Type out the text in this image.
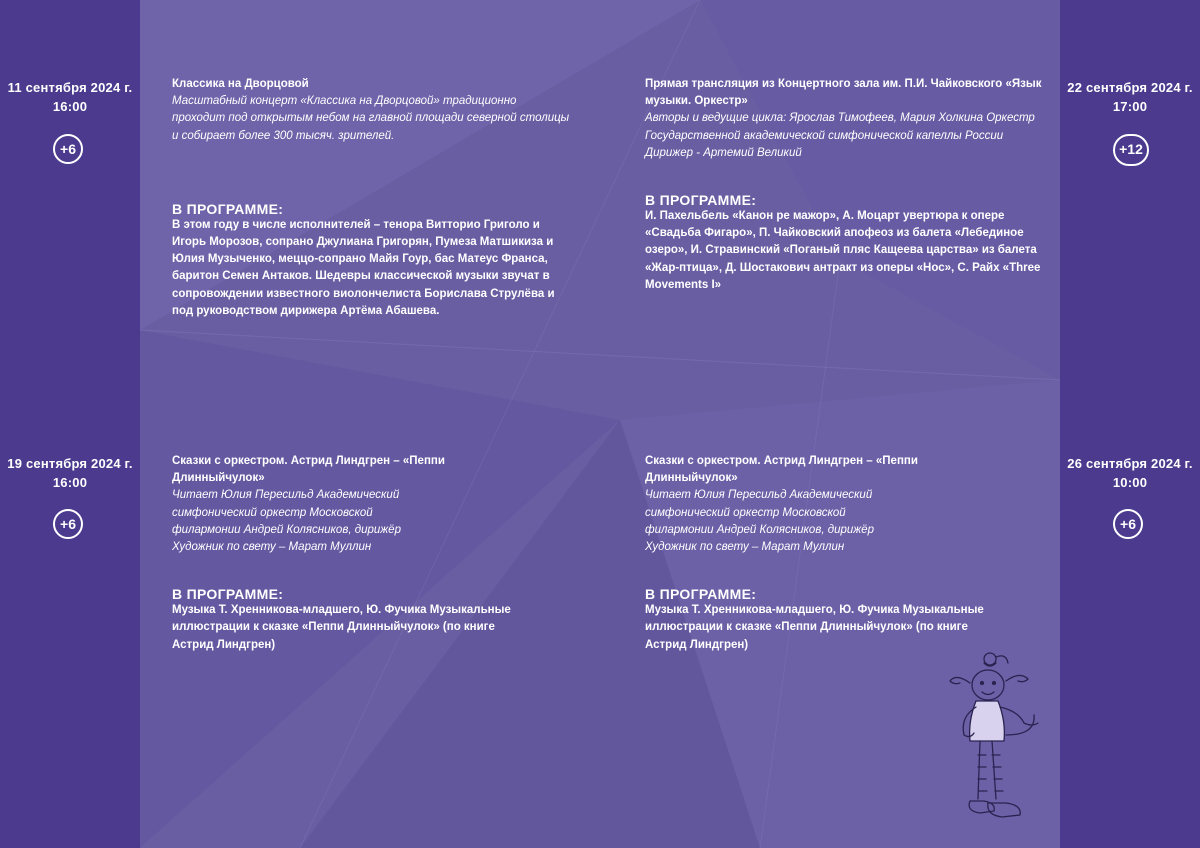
11 сентября 2024 г.
16:00
+6
Классика на Дворцовой
Масштабный концерт «Классика на Дворцовой» традиционно проходит под открытым небом на главной площади северной столицы и собирает более 300 тысяч. зрителей.
В ПРОГРАММЕ:
В этом году в числе исполнителей – тенора Витторио Григоло и Игорь Морозов, сопрано Джулиана Григорян, Пумеза Матшикиза и Юлия Музыченко, меццо-сопрано Майя Гоур, бас Матеус Франса, баритон Семен Антаков. Шедевры классической музыки звучат в сопровождении известного виолончелиста Борислава Струлёва и под руководством дирижера Артёма Абашева.
22 сентября 2024 г.
17:00
+12
Прямая трансляция из Концертного зала им. П.И. Чайковского «Язык музыки. Оркестр»
Авторы и ведущие цикла: Ярослав Тимофеев, Мария Холкина Оркестр Государственной академической симфонической капеллы России Дирижер - Артемий Великий
В ПРОГРАММЕ:
И. Пахельбель «Канон ре мажор», А. Моцарт увертюра к опере «Свадьба Фигаро», П. Чайковский апофеоз из балета «Лебединое озеро», И. Стравинский «Поганый пляс Кащеева царства» из балета «Жар-птица», Д. Шостакович антракт из оперы «Нос», С. Райх «Three Movements I»
19 сентября 2024 г.
16:00
+6
Сказки с оркестром. Астрид Линдгрен – «Пеппи Длинныйчулок»
Читает Юлия Пересильд Академический симфонический оркестр Московской филармонии Андрей Колясников, дирижёр Художник по свету – Марат Муллин
В ПРОГРАММЕ:
Музыка Т. Хренникова-младшего, Ю. Фучика Музыкальные иллюстрации к сказке «Пеппи Длинныйчулок» (по книге Астрид Линдгрен)
26 сентября 2024 г.
10:00
+6
Сказки с оркестром. Астрид Линдгрен – «Пеппи Длинныйчулок»
Читает Юлия Пересильд Академический симфонический оркестр Московской филармонии Андрей Колясников, дирижёр Художник по свету – Марат Муллин
В ПРОГРАММЕ:
Музыка Т. Хренникова-младшего, Ю. Фучика Музыкальные иллюстрации к сказке «Пеппи Длинныйчулок» (по книге Астрид Линдгрен)
